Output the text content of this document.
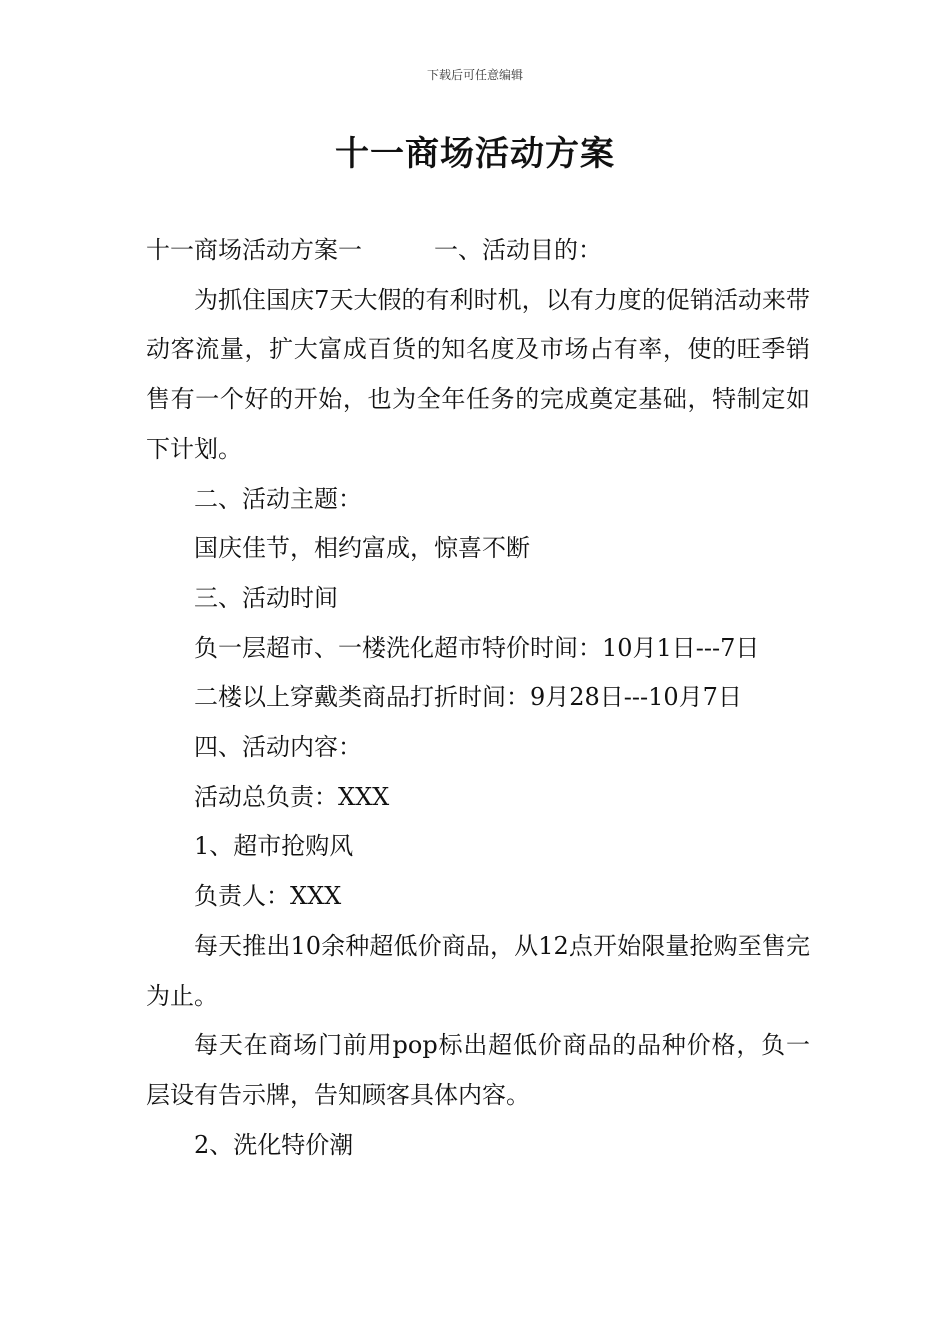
下载后可任意编辑
十一商场活动方案

十一商场活动方案一	一、活动目的：

为抓住国庆7天大假的有利时机，以有力度的促销活动来带动客流量，扩大富成百货的知名度及市场占有率，使的旺季销售有一个好的开始，也为全年任务的完成奠定基础，特制定如下计划。

二、活动主题：

国庆佳节，相约富成，惊喜不断

三、活动时间

负一层超市、一楼洗化超市特价时间：10月1日---7日

二楼以上穿戴类商品打折时间：9月28日---10月7日

四、活动内容：

活动总负责：XXX

1、超市抢购风

负责人：XXX

每天推出10余种超低价商品，从12点开始限量抢购至售完为止。

每天在商场门前用pop标出超低价商品的品种价格，负一层设有告示牌，告知顾客具体内容。

2、洗化特价潮
